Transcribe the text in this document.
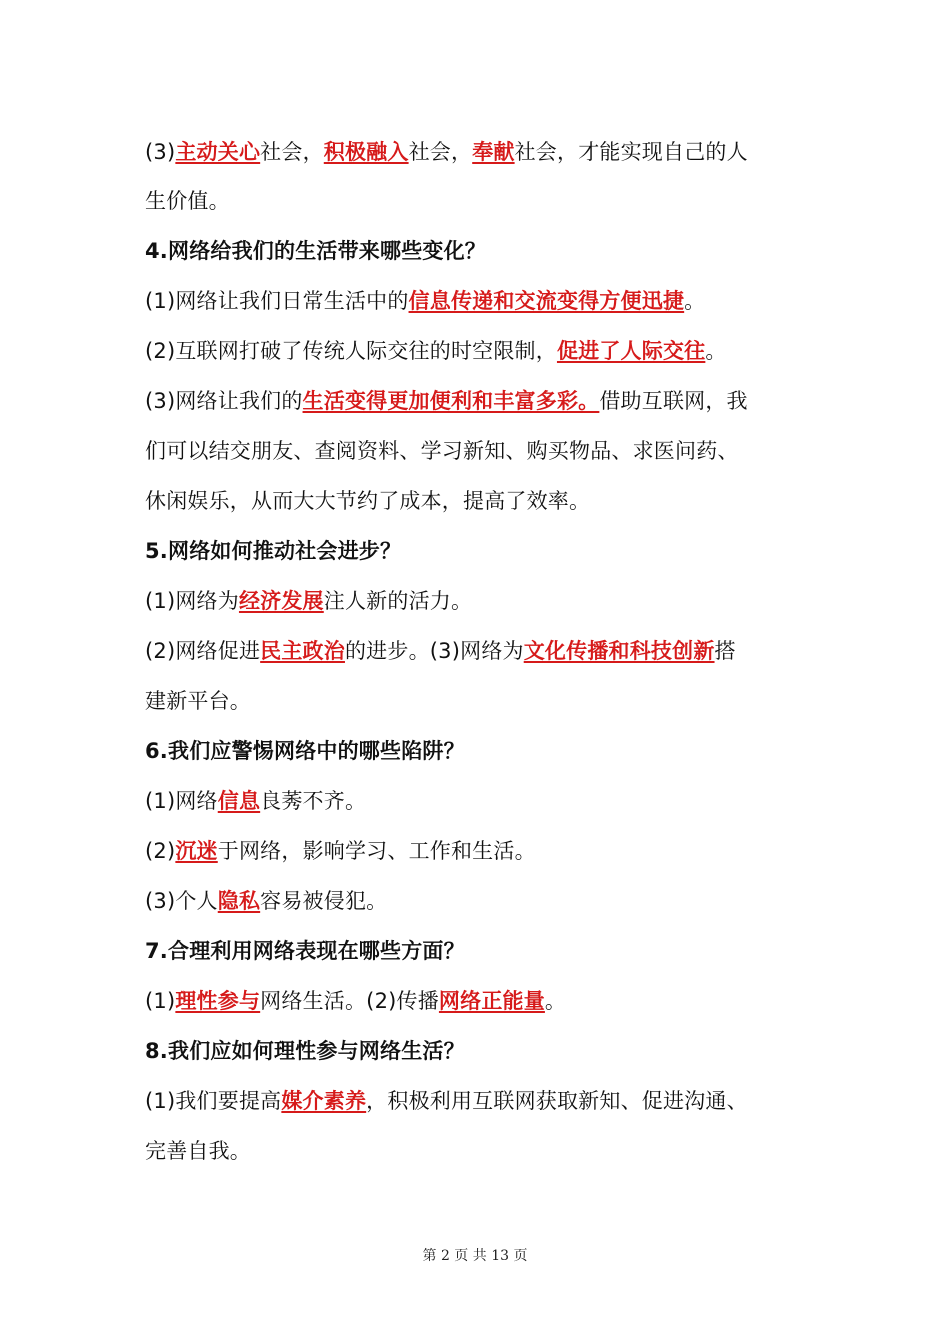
(3)主动关心社会，积极融入社会，奉献社会，才能实现自己的人
生价值。
4.网络给我们的生活带来哪些变化？
(1)网络让我们日常生活中的信息传递和交流变得方便迅捷。
(2)互联网打破了传统人际交往的时空限制，促进了人际交往。
(3)网络让我们的生活变得更加便利和丰富多彩。借助互联网，我
们可以结交朋友、查阅资料、学习新知、购买物品、求医问药、
休闲娱乐，从而大大节约了成本，提高了效率。
5.网络如何推动社会进步？
(1)网络为经济发展注人新的活力。
(2)网络促进民主政治的进步。(3)网络为文化传播和科技创新搭
建新平台。
6.我们应警惕网络中的哪些陷阱？
(1)网络信息良莠不齐。
(2)沉迷于网络，影响学习、工作和生活。
(3)个人隐私容易被侵犯。
7.合理利用网络表现在哪些方面？
(1)理性参与网络生活。(2)传播网络正能量。
8.我们应如何理性参与网络生活？
(1)我们要提高媒介素养，积极利用互联网获取新知、促进沟通、
完善自我。
第 2 页 共 13 页
